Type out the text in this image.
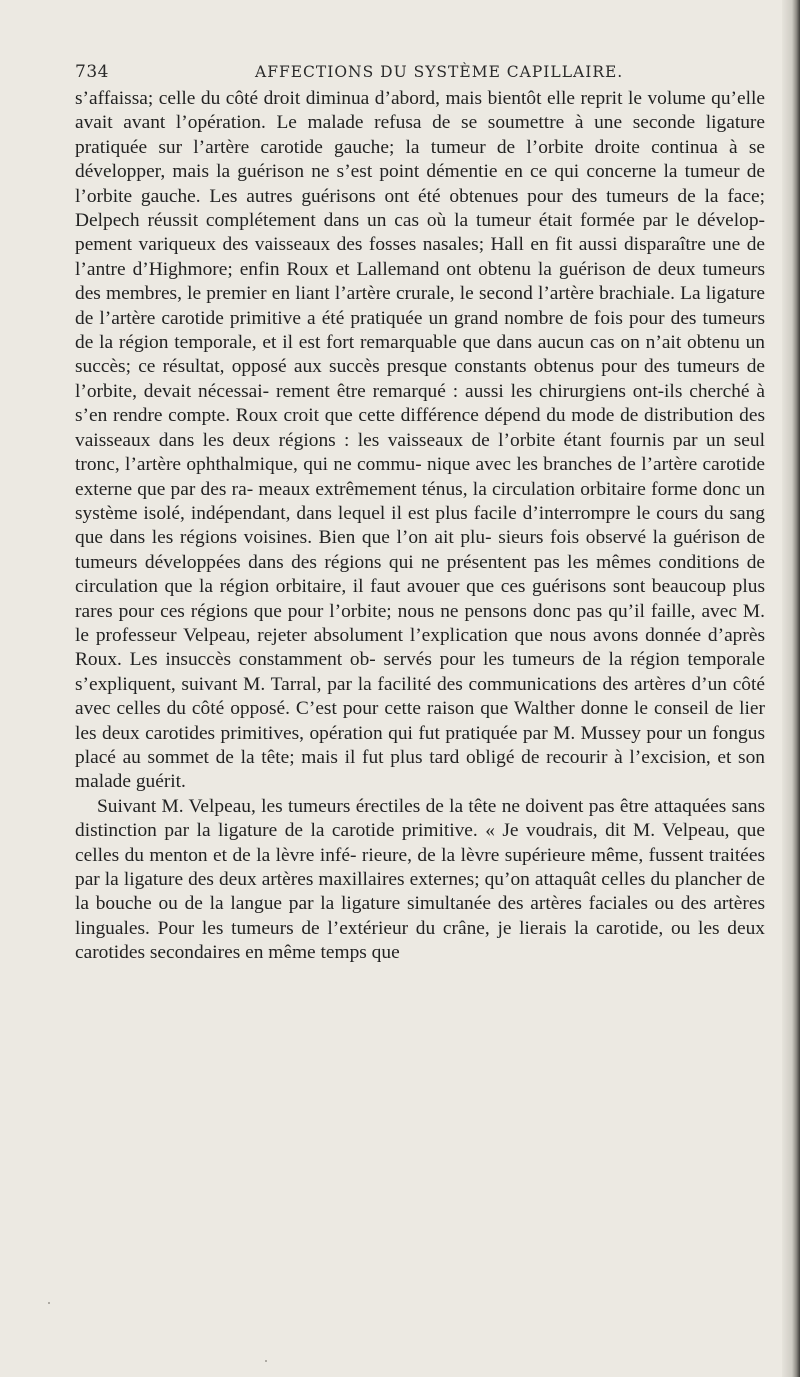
734	AFFECTIONS DU SYSTÈME CAPILLAIRE.

s’affaissa; celle du côté droit diminua d’abord, mais bientôt elle reprit le volume qu’elle avait avant l’opération. Le malade refusa de se soumettre à une seconde ligature pratiquée sur l’artère carotide gauche; la tumeur de l’orbite droite continua à se développer, mais la guérison ne s’est point démentie en ce qui concerne la tumeur de l’orbite gauche. Les autres guérisons ont été obtenues pour des tumeurs de la face; Delpech réussit complétement dans un cas où la tumeur était formée par le dévelop- pement variqueux des vaisseaux des fosses nasales; Hall en fit aussi disparaître une de l’antre d’Highmore; enfin Roux et Lallemand ont obtenu la guérison de deux tumeurs des membres, le premier en liant l’artère crurale, le second l’artère brachiale. La ligature de l’artère carotide primitive a été pratiquée un grand nombre de fois pour des tumeurs de la région temporale, et il est fort remarquable que dans aucun cas on n’ait obtenu un succès; ce résultat, opposé aux succès presque constants obtenus pour des tumeurs de l’orbite, devait nécessai- rement être remarqué : aussi les chirurgiens ont-ils cherché à s’en rendre compte. Roux croit que cette différence dépend du mode de distribution des vaisseaux dans les deux régions : les vaisseaux de l’orbite étant fournis par un seul tronc, l’artère ophthalmique, qui ne commu- nique avec les branches de l’artère carotide externe que par des ra- meaux extrêmement ténus, la circulation orbitaire forme donc un système isolé, indépendant, dans lequel il est plus facile d’interrompre le cours du sang que dans les régions voisines. Bien que l’on ait plu- sieurs fois observé la guérison de tumeurs développées dans des régions qui ne présentent pas les mêmes conditions de circulation que la région orbitaire, il faut avouer que ces guérisons sont beaucoup plus rares pour ces régions que pour l’orbite; nous ne pensons donc pas qu’il faille, avec M. le professeur Velpeau, rejeter absolument l’explication que nous avons donnée d’après Roux. Les insuccès constamment ob- servés pour les tumeurs de la région temporale s’expliquent, suivant M. Tarral, par la facilité des communications des artères d’un côté avec celles du côté opposé. C’est pour cette raison que Walther donne le conseil de lier les deux carotides primitives, opération qui fut pratiquée par M. Mussey pour un fongus placé au sommet de la tête; mais il fut plus tard obligé de recourir à l’excision, et son malade guérit.

Suivant M. Velpeau, les tumeurs érectiles de la tête ne doivent pas être attaquées sans distinction par la ligature de la carotide primitive. « Je voudrais, dit M. Velpeau, que celles du menton et de la lèvre infé- rieure, de la lèvre supérieure même, fussent traitées par la ligature des deux artères maxillaires externes; qu’on attaquât celles du plancher de la bouche ou de la langue par la ligature simultanée des artères faciales ou des artères linguales. Pour les tumeurs de l’extérieur du crâne, je lierais la carotide, ou les deux carotides secondaires en même temps que
